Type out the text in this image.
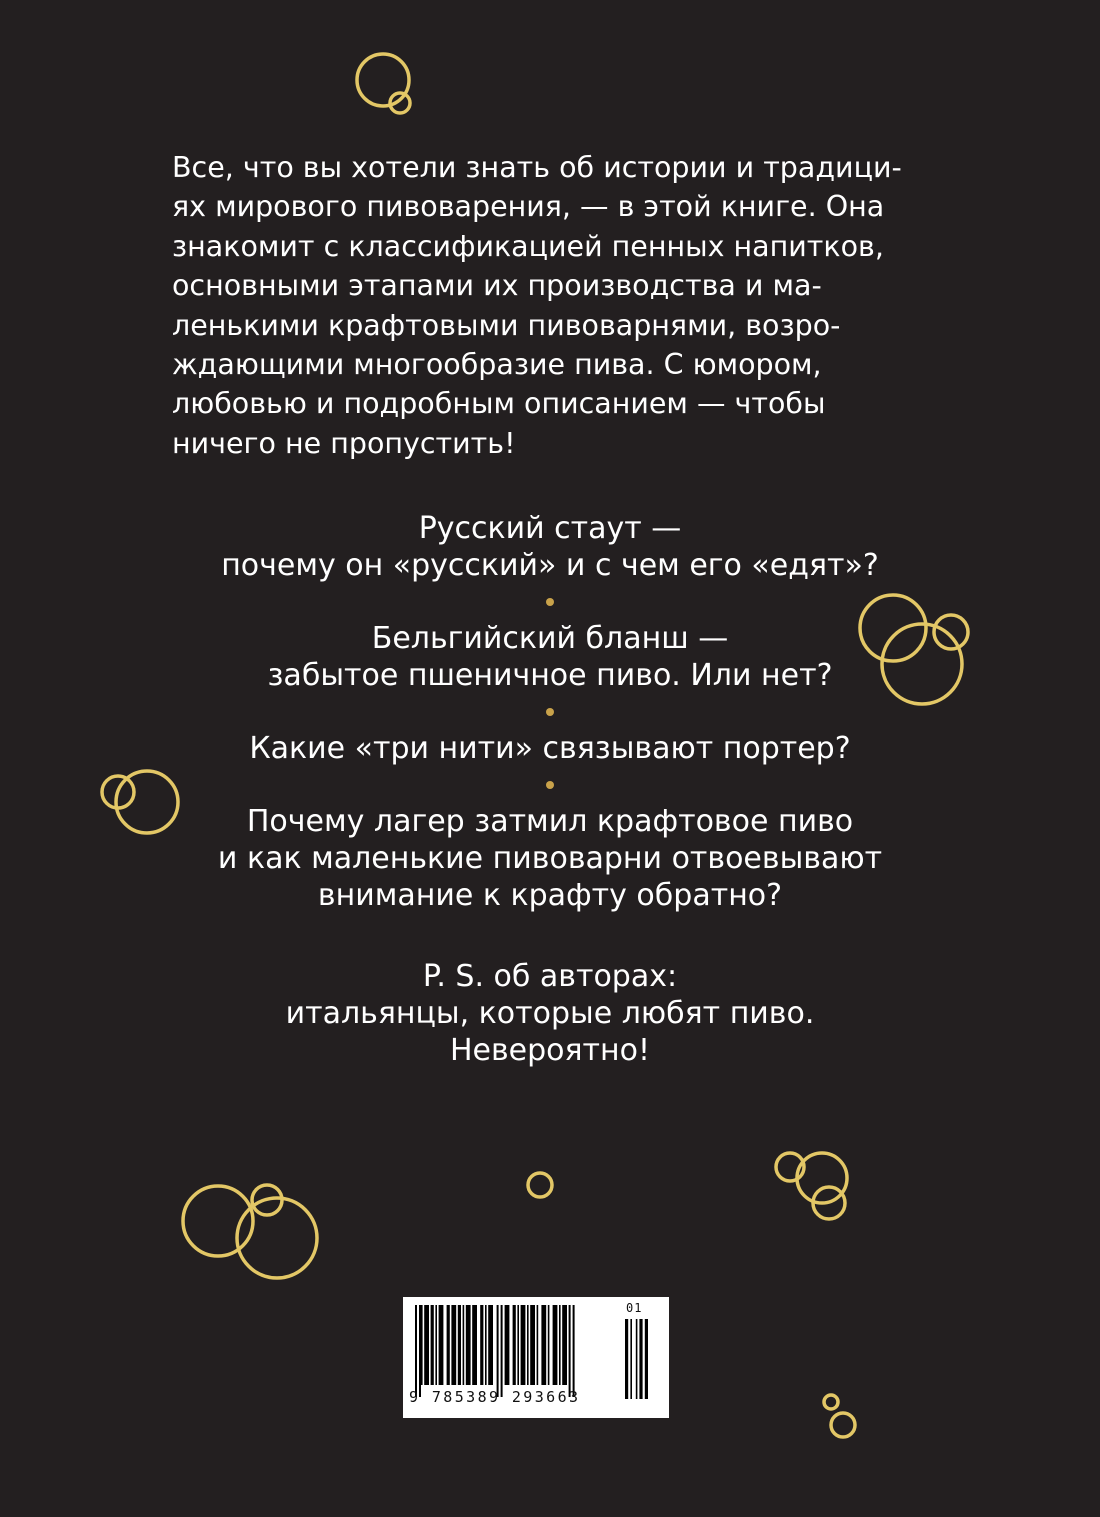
Все, что вы хотели знать об истории и традици-
ях мирового пивоварения, — в этой книге. Она
знакомит с классификацией пенных напитков,
основными этапами их производства и ма-
ленькими крафтовыми пивоварнями, возро-
ждающими многообразие пива. С юмором,
любовью и подробным описанием — чтобы
ничего не пропустить!
Русский стаут —
почему он «русский» и с чем его «едят»?
Бельгийский бланш —
забытое пшеничное пиво. Или нет?
Какие «три нити» связывают портер?
Почему лагер затмил крафтовое пиво
и как маленькие пивоварни отвоевывают
внимание к крафту обратно?
P. S. об авторах:
итальянцы, которые любят пиво.
Невероятно!
9 785389 293663
01
